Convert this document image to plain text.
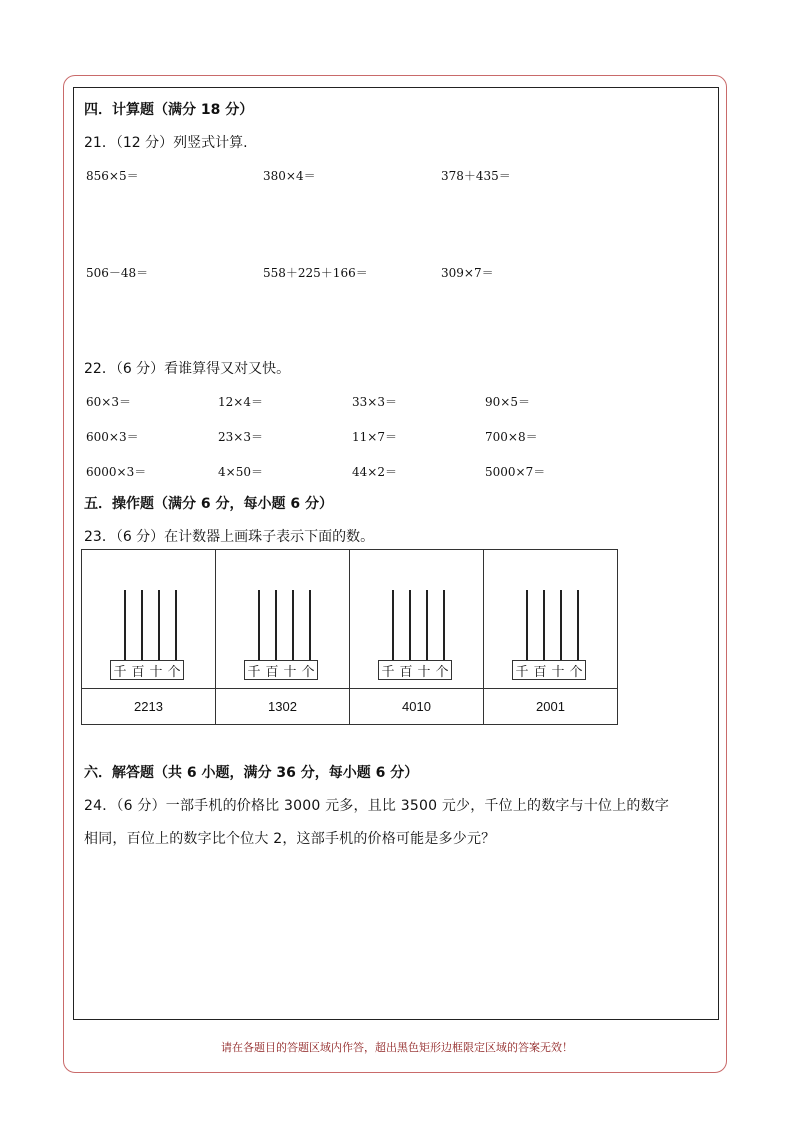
四．计算题（满分 18 分）
21．（12 分）列竖式计算.
856×5＝	380×4＝	378＋435＝
506－48＝	558＋225＋166＝	309×7＝
22．（6 分）看谁算得又对又快。
60×3＝	12×4＝	33×3＝	90×5＝
600×3＝	23×3＝	11×7＝	700×8＝
6000×3＝	4×50＝	44×2＝	5000×7＝
五．操作题（满分 6 分，每小题 6 分）
23．（6 分）在计数器上画珠子表示下面的数。
千 百 十 个	千 百 十 个	千 百 十 个	千 百 十 个

2213	1302	4010	2001
六．解答题（共 6 小题，满分 36 分，每小题 6 分）
24．（6 分）一部手机的价格比 3000 元多，且比 3500 元少，千位上的数字与十位上的数字
相同，百位上的数字比个位大 2，这部手机的价格可能是多少元？
请在各题目的答题区域内作答，超出黑色矩形边框限定区域的答案无效！
